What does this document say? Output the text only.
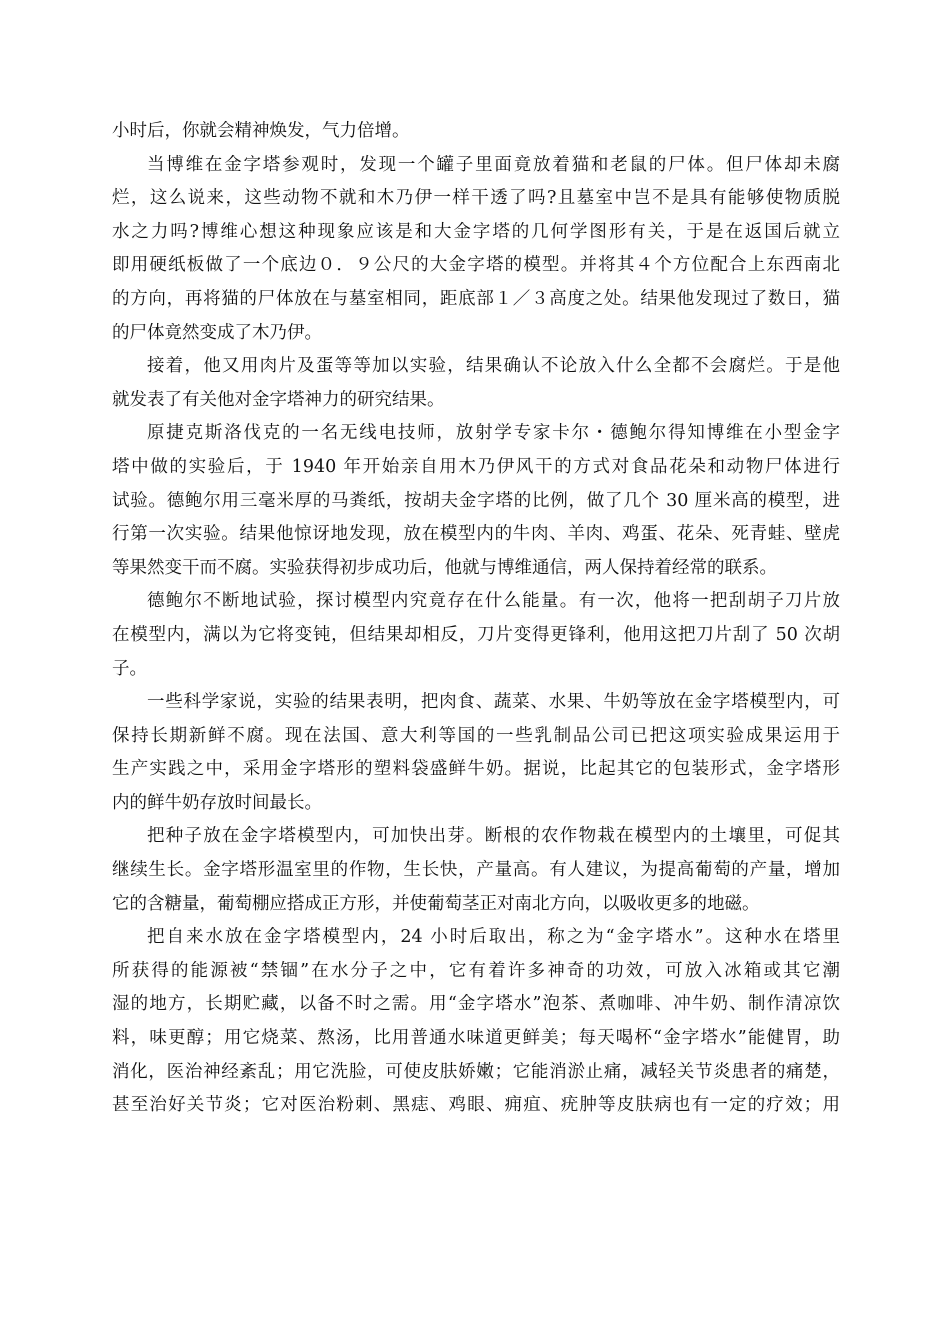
小时后，你就会精神焕发，气力倍增。
当博维在金字塔参观时，发现一个罐子里面竟放着猫和老鼠的尸体。但尸体却未腐
烂，这么说来，这些动物不就和木乃伊一样干透了吗?且墓室中岂不是具有能够使物质脱
水之力吗?博维心想这种现象应该是和大金字塔的几何学图形有关，于是在返国后就立
即用硬纸板做了一个底边０．９公尺的大金字塔的模型。并将其４个方位配合上东西南北
的方向，再将猫的尸体放在与墓室相同，距底部１／３高度之处。结果他发现过了数日，猫
的尸体竟然变成了木乃伊。
接着，他又用肉片及蛋等等加以实验，结果确认不论放入什么全都不会腐烂。于是他
就发表了有关他对金字塔神力的研究结果。
原捷克斯洛伐克的一名无线电技师，放射学专家卡尔・德鲍尔得知博维在小型金字
塔中做的实验后，于 1940 年开始亲自用木乃伊风干的方式对食品花朵和动物尸体进行
试验。德鲍尔用三毫米厚的马粪纸，按胡夫金字塔的比例，做了几个 30 厘米高的模型，进
行第一次实验。结果他惊讶地发现，放在模型内的牛肉、羊肉、鸡蛋、花朵、死青蛙、壁虎
等果然变干而不腐。实验获得初步成功后，他就与博维通信，两人保持着经常的联系。
德鲍尔不断地试验，探讨模型内究竟存在什么能量。有一次，他将一把刮胡子刀片放
在模型内，满以为它将变钝，但结果却相反，刀片变得更锋利，他用这把刀片刮了 50 次胡
子。
一些科学家说，实验的结果表明，把肉食、蔬菜、水果、牛奶等放在金字塔模型内，可
保持长期新鲜不腐。现在法国、意大利等国的一些乳制品公司已把这项实验成果运用于
生产实践之中，采用金字塔形的塑料袋盛鲜牛奶。据说，比起其它的包装形式，金字塔形
内的鲜牛奶存放时间最长。
把种子放在金字塔模型内，可加快出芽。断根的农作物栽在模型内的土壤里，可促其
继续生长。金字塔形温室里的作物，生长快，产量高。有人建议，为提高葡萄的产量，增加
它的含糖量，葡萄棚应搭成正方形，并使葡萄茎正对南北方向，以吸收更多的地磁。
把自来水放在金字塔模型内，24 小时后取出，称之为“金字塔水”。这种水在塔里
所获得的能源被“禁锢”在水分子之中，它有着许多神奇的功效，可放入冰箱或其它潮
湿的地方，长期贮藏，以备不时之需。用“金字塔水”泡茶、煮咖啡、冲牛奶、制作清凉饮
料，味更醇；用它烧菜、熬汤，比用普通水味道更鲜美；每天喝杯“金字塔水”能健胃，助
消化，医治神经紊乱；用它洗脸，可使皮肤娇嫩；它能消淤止痛，减轻关节炎患者的痛楚，
甚至治好关节炎；它对医治粉刺、黑痣、鸡眼、痈疽、疣肿等皮肤病也有一定的疗效；用
